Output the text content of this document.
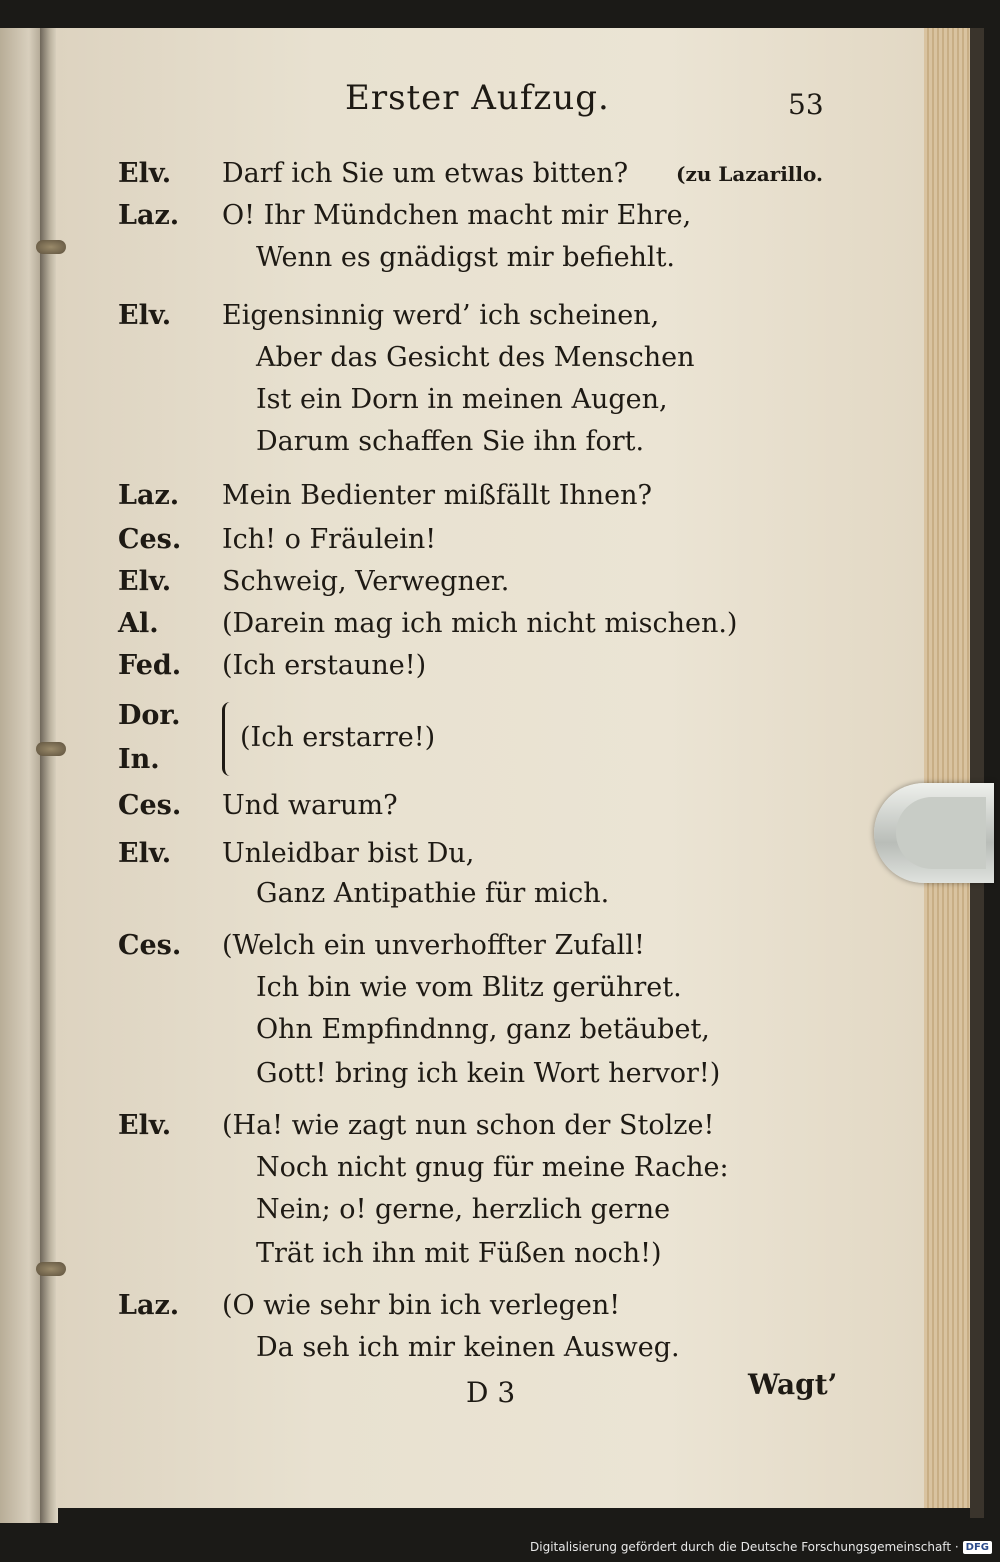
Erster Aufzug.	53
(zu Lazarillo.
Elv.
Laz.
Elv.
Laz.
Ces.
Elv.
Al.
Fed.
Dor.
In.
Ces.
Elv.
Ces.
Elv.
Laz.
Darf ich Sie um etwas bitten?
O! Ihr Mündchen macht mir Ehre,
Wenn es gnädigst mir befiehlt.
Eigensinnig werd’ ich scheinen,
Aber das Gesicht des Menschen
Ist ein Dorn in meinen Augen,
Darum schaffen Sie ihn fort.
Mein Bedienter mißfällt Ihnen?
Ich! o Fräulein!
Schweig, Verwegner.
(Darein mag ich mich nicht mischen.)
(Ich erstaune!)
(Ich erstarre!)
Und warum?
Unleidbar bist Du,
Ganz Antipathie für mich.
(Welch ein unverhoffter Zufall!
Ich bin wie vom Blitz gerühret.
Ohn Empfindnng, ganz betäubet,
Gott! bring ich kein Wort hervor!)
(Ha! wie zagt nun schon der Stolze!
Noch nicht gnug für meine Rache:
Nein; o! gerne, herzlich gerne
Trät ich ihn mit Füßen noch!)
(O wie sehr bin ich verlegen!
Da seh ich mir keinen Ausweg.
D 3	Wagt’
Digitalisierung gefördert durch die Deutsche Forschungsgemeinschaft · DFG
